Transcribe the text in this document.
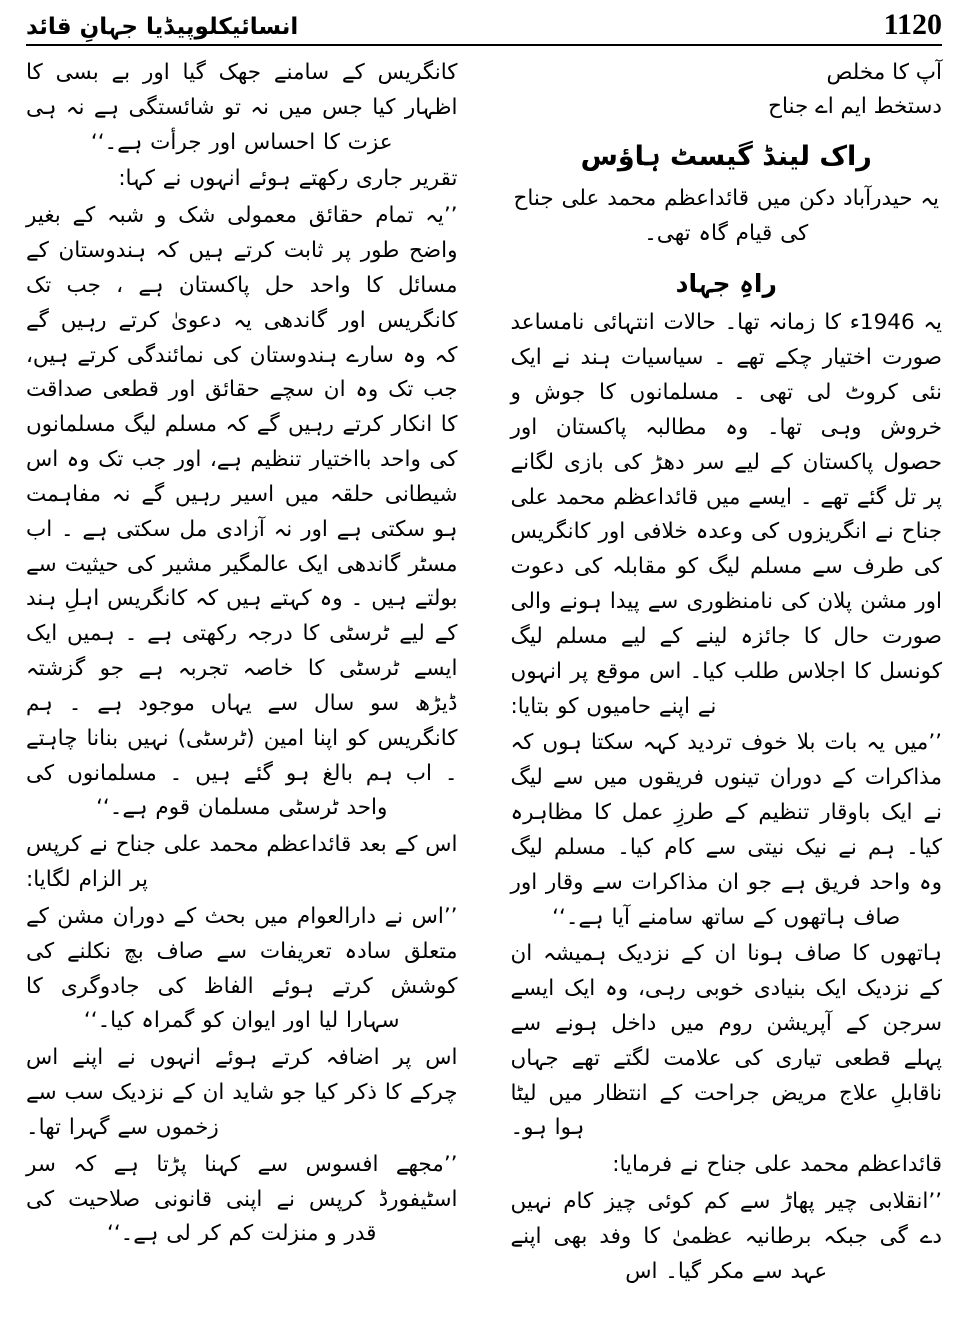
انسائیکلوپیڈیا جہانِ قائد	1120

آپ کا مخلص

دستخط ایم اے جناح

راک لینڈ گیسٹ ہاؤس

یہ حیدرآباد دکن میں قائداعظم محمد علی جناح کی قیام گاہ تھی۔

راہِ جہاد

یہ 1946ء کا زمانہ تھا۔ حالات انتہائی نامساعد صورت اختیار چکے تھے ۔ سیاسیات ہند نے ایک نئی کروٹ لی تھی ۔ مسلمانوں کا جوش و خروش وہی تھا۔ وہ مطالبہ پاکستان اور حصول پاکستان کے لیے سر دھڑ کی بازی لگانے پر تل گئے تھے ۔ ایسے میں قائداعظم محمد علی جناح نے انگریزوں کی وعدہ خلافی اور کانگریس کی طرف سے مسلم لیگ کو مقابلہ کی دعوت اور مشن پلان کی نامنظوری سے پیدا ہونے والی صورت حال کا جائزہ لینے کے لیے مسلم لیگ کونسل کا اجلاس طلب کیا۔ اس موقع پر انہوں نے اپنے حامیوں کو بتایا:

’’میں یہ بات بلا خوف تردید کہہ سکتا ہوں کہ مذاکرات کے دوران تینوں فریقوں میں سے لیگ نے ایک باوقار تنظیم کے طرزِ عمل کا مظاہرہ کیا۔ ہم نے نیک نیتی سے کام کیا۔ مسلم لیگ وہ واحد فریق ہے جو ان مذاکرات سے وقار اور صاف ہاتھوں کے ساتھ سامنے آیا ہے۔‘‘

ہاتھوں کا صاف ہونا ان کے نزدیک ہمیشہ ان کے نزدیک ایک بنیادی خوبی رہی، وہ ایک ایسے سرجن کے آپریشن روم میں داخل ہونے سے پہلے قطعی تیاری کی علامت لگتے تھے جہاں ناقابلِ علاج مریض جراحت کے انتظار میں لیٹا ہوا ہو۔

قائداعظم محمد علی جناح نے فرمایا:

’’انقلابی چیر پھاڑ سے کم کوئی چیز کام نہیں دے گی جبکہ برطانیہ عظمیٰ کا وفد بھی اپنے عہد سے مکر گیا۔ اس

کانگریس کے سامنے جھک گیا اور بے بسی کا اظہار کیا جس میں نہ تو شائستگی ہے نہ ہی عزت کا احساس اور جرأت ہے۔‘‘

تقریر جاری رکھتے ہوئے انہوں نے کہا:

’’یہ تمام حقائق معمولی شک و شبہ کے بغیر واضح طور پر ثابت کرتے ہیں کہ ہندوستان کے مسائل کا واحد حل پاکستان ہے ، جب تک کانگریس اور گاندھی یہ دعویٰ کرتے رہیں گے کہ وہ سارے ہندوستان کی نمائندگی کرتے ہیں، جب تک وہ ان سچے حقائق اور قطعی صداقت کا انکار کرتے رہیں گے کہ مسلم لیگ مسلمانوں کی واحد بااختیار تنظیم ہے، اور جب تک وہ اس شیطانی حلقہ میں اسیر رہیں گے نہ مفاہمت ہو سکتی ہے اور نہ آزادی مل سکتی ہے ۔ اب مسٹر گاندھی ایک عالمگیر مشیر کی حیثیت سے بولتے ہیں ۔ وہ کہتے ہیں کہ کانگریس اہلِ ہند کے لیے ٹرسٹی کا درجہ رکھتی ہے ۔ ہمیں ایک ایسے ٹرسٹی کا خاصہ تجربہ ہے جو گزشتہ ڈیڑھ سو سال سے یہاں موجود ہے ۔ ہم کانگریس کو اپنا امین (ٹرسٹی) نہیں بنانا چاہتے ۔ اب ہم بالغ ہو گئے ہیں ۔ مسلمانوں کی واحد ٹرسٹی مسلمان قوم ہے۔‘‘

اس کے بعد قائداعظم محمد علی جناح نے کرپس پر الزام لگایا:

’’اس نے دارالعوام میں بحث کے دوران مشن کے متعلق سادہ تعریفات سے صاف بچ نکلنے کی کوشش کرتے ہوئے الفاظ کی جادوگری کا سہارا لیا اور ایوان کو گمراہ کیا۔‘‘

اس پر اضافہ کرتے ہوئے انہوں نے اپنے اس چرکے کا ذکر کیا جو شاید ان کے نزدیک سب سے زخموں سے گہرا تھا۔

’’مجھے افسوس سے کہنا پڑتا ہے کہ سر اسٹیفورڈ کرپس نے اپنی قانونی صلاحیت کی قدر و منزلت کم کر لی ہے۔‘‘
